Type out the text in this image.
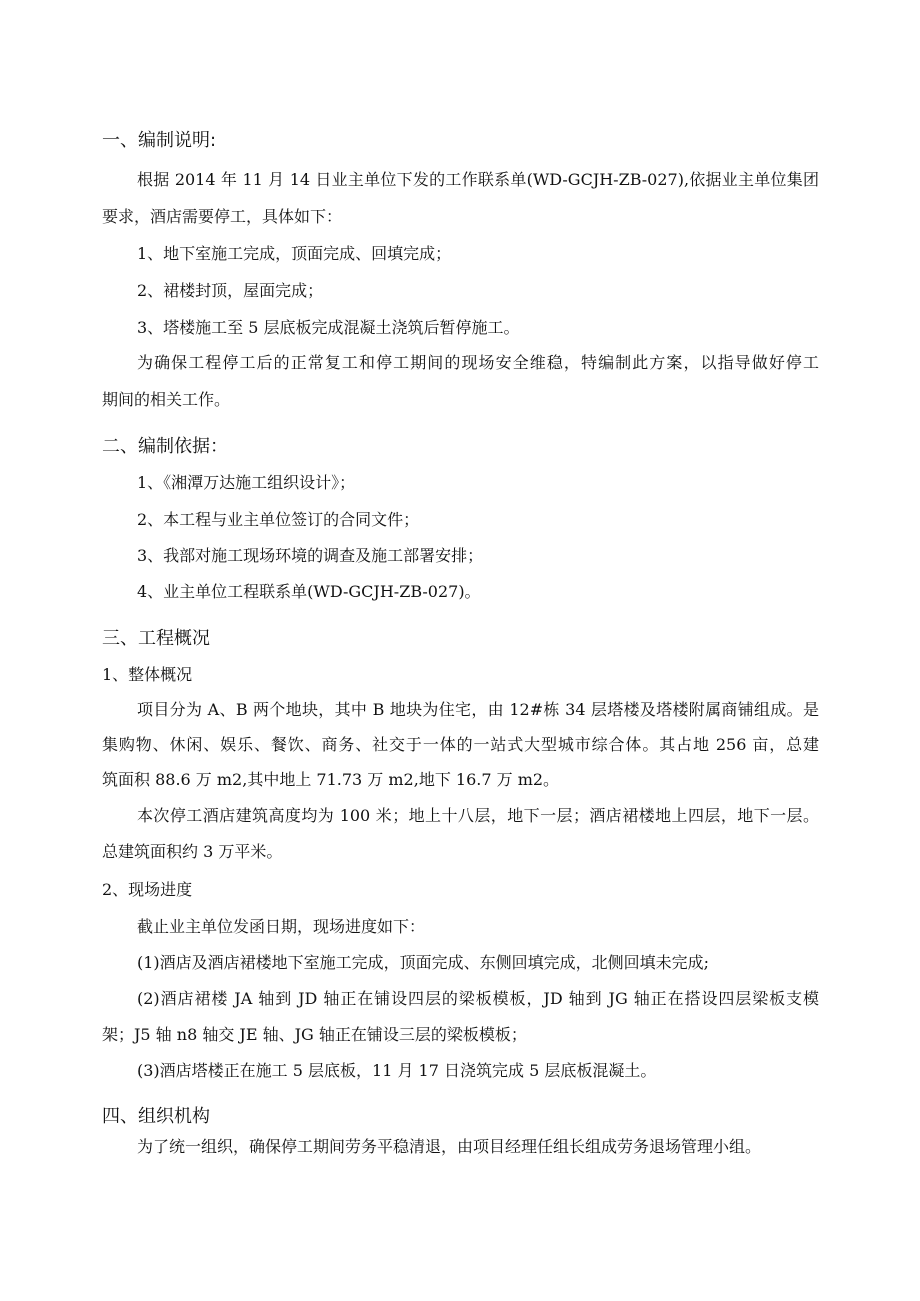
一、编制说明:
根据 2014 年 11 月 14 日业主单位下发的工作联系单(WD-GCJH-ZB-027),依据业主单位集团
要求，酒店需要停工，具体如下：
1、地下室施工完成，顶面完成、回填完成；
2、裙楼封顶，屋面完成；
3、塔楼施工至 5 层底板完成混凝土浇筑后暂停施工。
为确保工程停工后的正常复工和停工期间的现场安全维稳，特编制此方案，以指导做好停工
期间的相关工作。
二、编制依据：
1、《湘潭万达施工组织设计》；
2、本工程与业主单位签订的合同文件；
3、我部对施工现场环境的调查及施工部署安排；
4、业主单位工程联系单(WD-GCJH-ZB-027)。
三、工程概况
1、整体概况
项目分为 A、B 两个地块，其中 B 地块为住宅，由 12#栋 34 层塔楼及塔楼附属商铺组成。是
集购物、休闲、娱乐、餐饮、商务、社交于一体的一站式大型城市综合体。其占地 256 亩，总建
筑面积 88.6 万 m2,其中地上 71.73 万 m2,地下 16.7 万 m2。
本次停工酒店建筑高度均为 100 米；地上十八层，地下一层；酒店裙楼地上四层，地下一层。
总建筑面积约 3 万平米。
2、现场进度
截止业主单位发函日期，现场进度如下：
(1)酒店及酒店裙楼地下室施工完成，顶面完成、东侧回填完成，北侧回填未完成;
(2)酒店裙楼 JA 轴到 JD 轴正在铺设四层的梁板模板，JD 轴到 JG 轴正在搭设四层梁板支模
架；J5 轴 n8 轴交 JE 轴、JG 轴正在铺设三层的梁板模板；
(3)酒店塔楼正在施工 5 层底板，11 月 17 日浇筑完成 5 层底板混凝土。
四、组织机构
为了统一组织，确保停工期间劳务平稳清退，由项目经理任组长组成劳务退场管理小组。
